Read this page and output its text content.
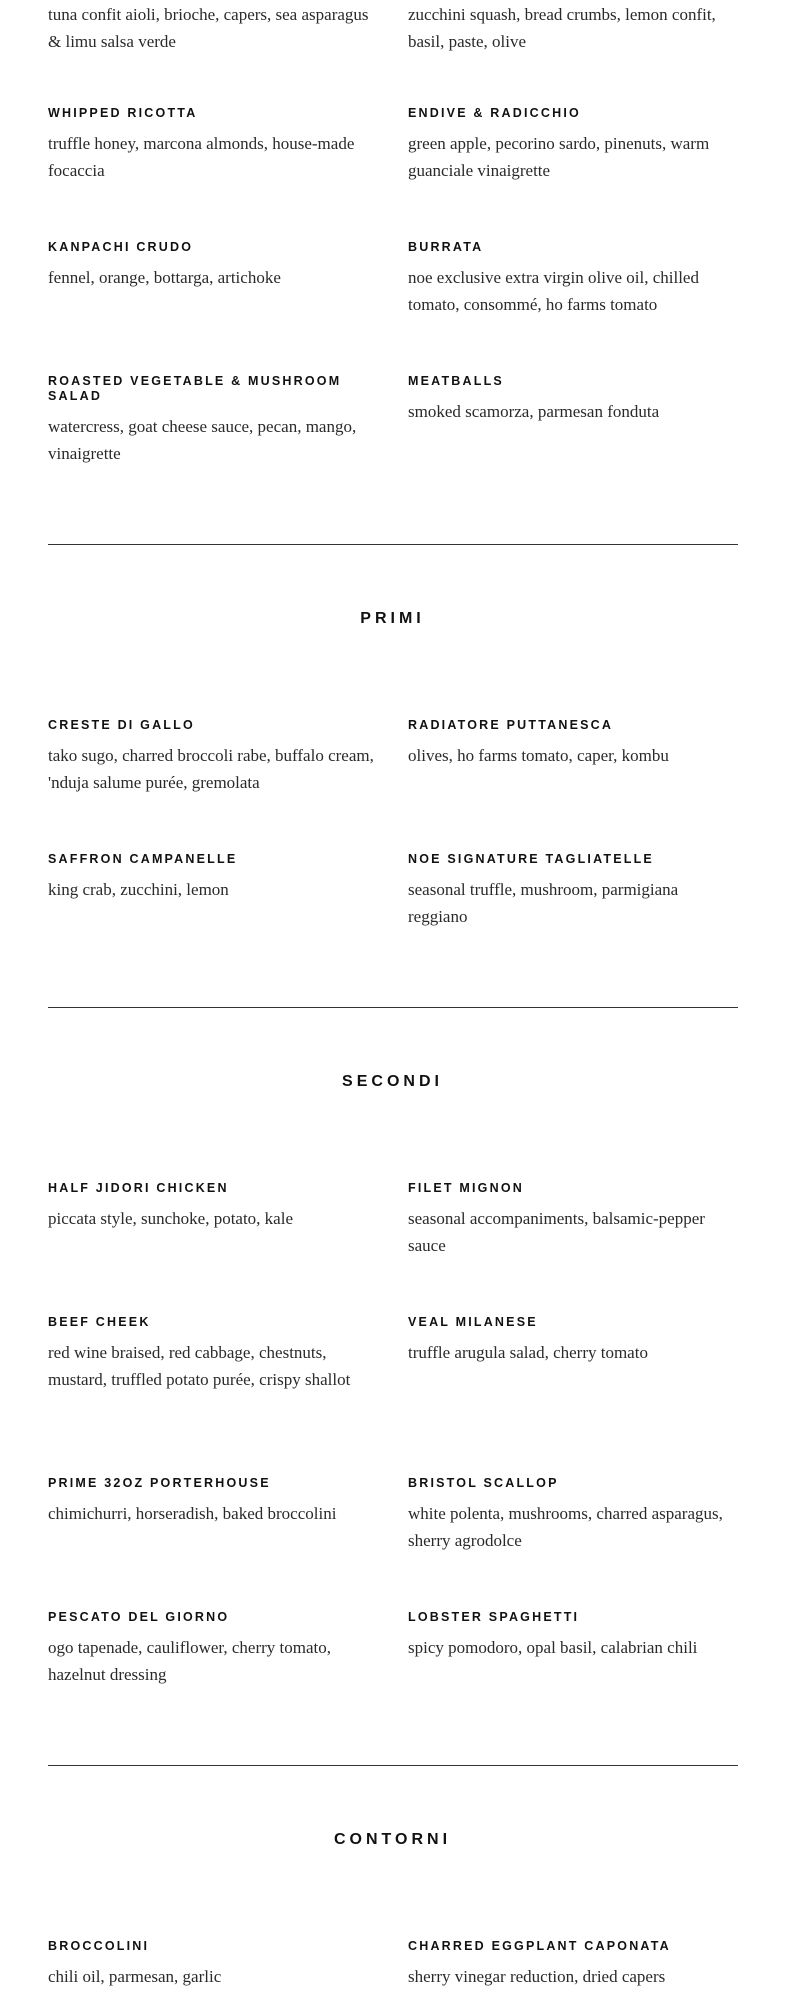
tuna confit aioli, brioche, capers, sea asparagus & limu salsa verde

zucchini squash, bread crumbs, lemon confit, basil, paste, olive

WHIPPED RICOTTA

truffle honey, marcona almonds, house-made focaccia

ENDIVE & RADICCHIO

green apple, pecorino sardo, pinenuts, warm guanciale vinaigrette

KANPACHI CRUDO

fennel, orange, bottarga, artichoke

BURRATA

noe exclusive extra virgin olive oil, chilled tomato, consommé, ho farms tomato

ROASTED VEGETABLE & MUSHROOM SALAD

watercress, goat cheese sauce, pecan, mango, vinaigrette

MEATBALLS

smoked scamorza, parmesan fonduta

PRIMI
CRESTE DI GALLO

tako sugo, charred broccoli rabe, buffalo cream, 'nduja salume purée, gremolata

RADIATORE PUTTANESCA

olives, ho farms tomato, caper, kombu

SAFFRON CAMPANELLE

king crab, zucchini, lemon

NOE SIGNATURE TAGLIATELLE

seasonal truffle, mushroom, parmigiana reggiano

SECONDI
HALF JIDORI CHICKEN

piccata style, sunchoke, potato, kale

FILET MIGNON

seasonal accompaniments, balsamic-pepper sauce

BEEF CHEEK

red wine braised, red cabbage, chestnuts, mustard, truffled potato purée, crispy shallot

VEAL MILANESE

truffle arugula salad, cherry tomato

PRIME 32OZ PORTERHOUSE

chimichurri, horseradish, baked broccolini

BRISTOL SCALLOP

white polenta, mushrooms, charred asparagus, sherry agrodolce

PESCATO DEL GIORNO

ogo tapenade, cauliflower, cherry tomato, hazelnut dressing

LOBSTER SPAGHETTI

spicy pomodoro, opal basil, calabrian chili

CONTORNI
BROCCOLINI

chili oil, parmesan, garlic

CHARRED EGGPLANT CAPONATA

sherry vinegar reduction, dried capers
